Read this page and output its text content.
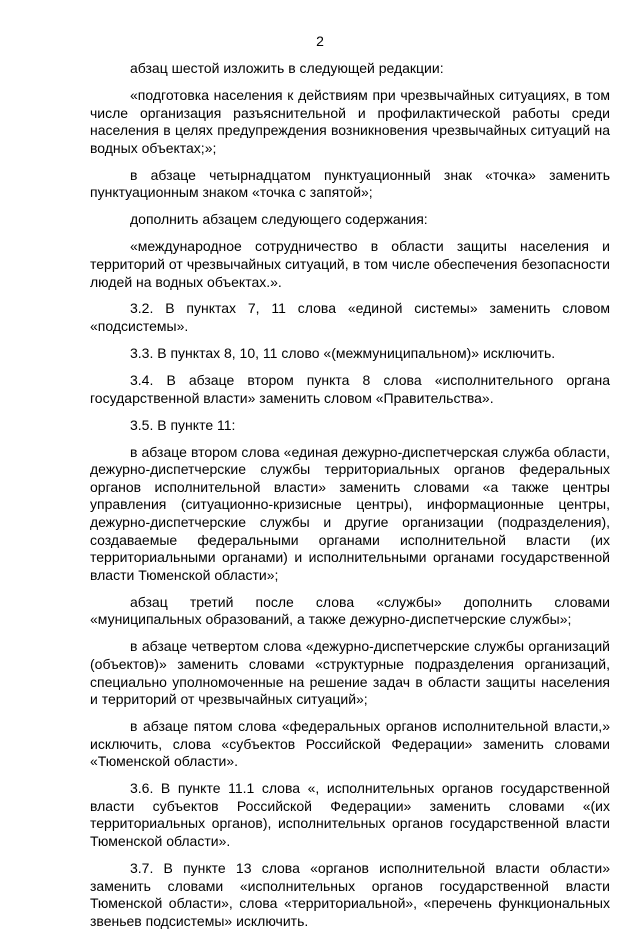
2

абзац шестой изложить в следующей редакции:

«подготовка населения к действиям при чрезвычайных ситуациях, в том числе организация разъяснительной и профилактической работы среди населения в целях предупреждения возникновения чрезвычайных ситуаций на водных объектах;»;

в абзаце четырнадцатом пунктуационный знак «точка» заменить пунктуационным знаком «точка с запятой»;

дополнить абзацем следующего содержания:

«международное сотрудничество в области защиты населения и территорий от чрезвычайных ситуаций, в том числе обеспечения безопасности людей на водных объектах.».

3.2. В пунктах 7, 11 слова «единой системы» заменить словом «подсистемы».

3.3. В пунктах 8, 10, 11 слово «(межмуниципальном)» исключить.

3.4. В абзаце втором пункта 8 слова «исполнительного органа государственной власти» заменить словом «Правительства».

3.5. В пункте 11:

в абзаце втором слова «единая дежурно-диспетчерская служба области, дежурно-диспетчерские службы территориальных органов федеральных органов исполнительной власти» заменить словами «а также центры управления (ситуационно-кризисные центры), информационные центры, дежурно-диспетчерские службы и другие организации (подразделения), создаваемые федеральными органами исполнительной власти (их территориальными органами) и исполнительными органами государственной власти Тюменской области»;

абзац третий после слова «службы» дополнить словами «муниципальных образований, а также дежурно-диспетчерские службы»;

в абзаце четвертом слова «дежурно-диспетчерские службы организаций (объектов)» заменить словами «структурные подразделения организаций, специально уполномоченные на решение задач в области защиты населения и территорий от чрезвычайных ситуаций»;

в абзаце пятом слова «федеральных органов исполнительной власти,» исключить, слова «субъектов Российской Федерации» заменить словами «Тюменской области».

3.6. В пункте 11.1 слова «, исполнительных органов государственной власти субъектов Российской Федерации» заменить словами «(их территориальных органов), исполнительных органов государственной власти Тюменской области».

3.7. В пункте 13 слова «органов исполнительной власти области» заменить словами «исполнительных органов государственной власти Тюменской области», слова «территориальной», «перечень функциональных звеньев подсистемы» исключить.
